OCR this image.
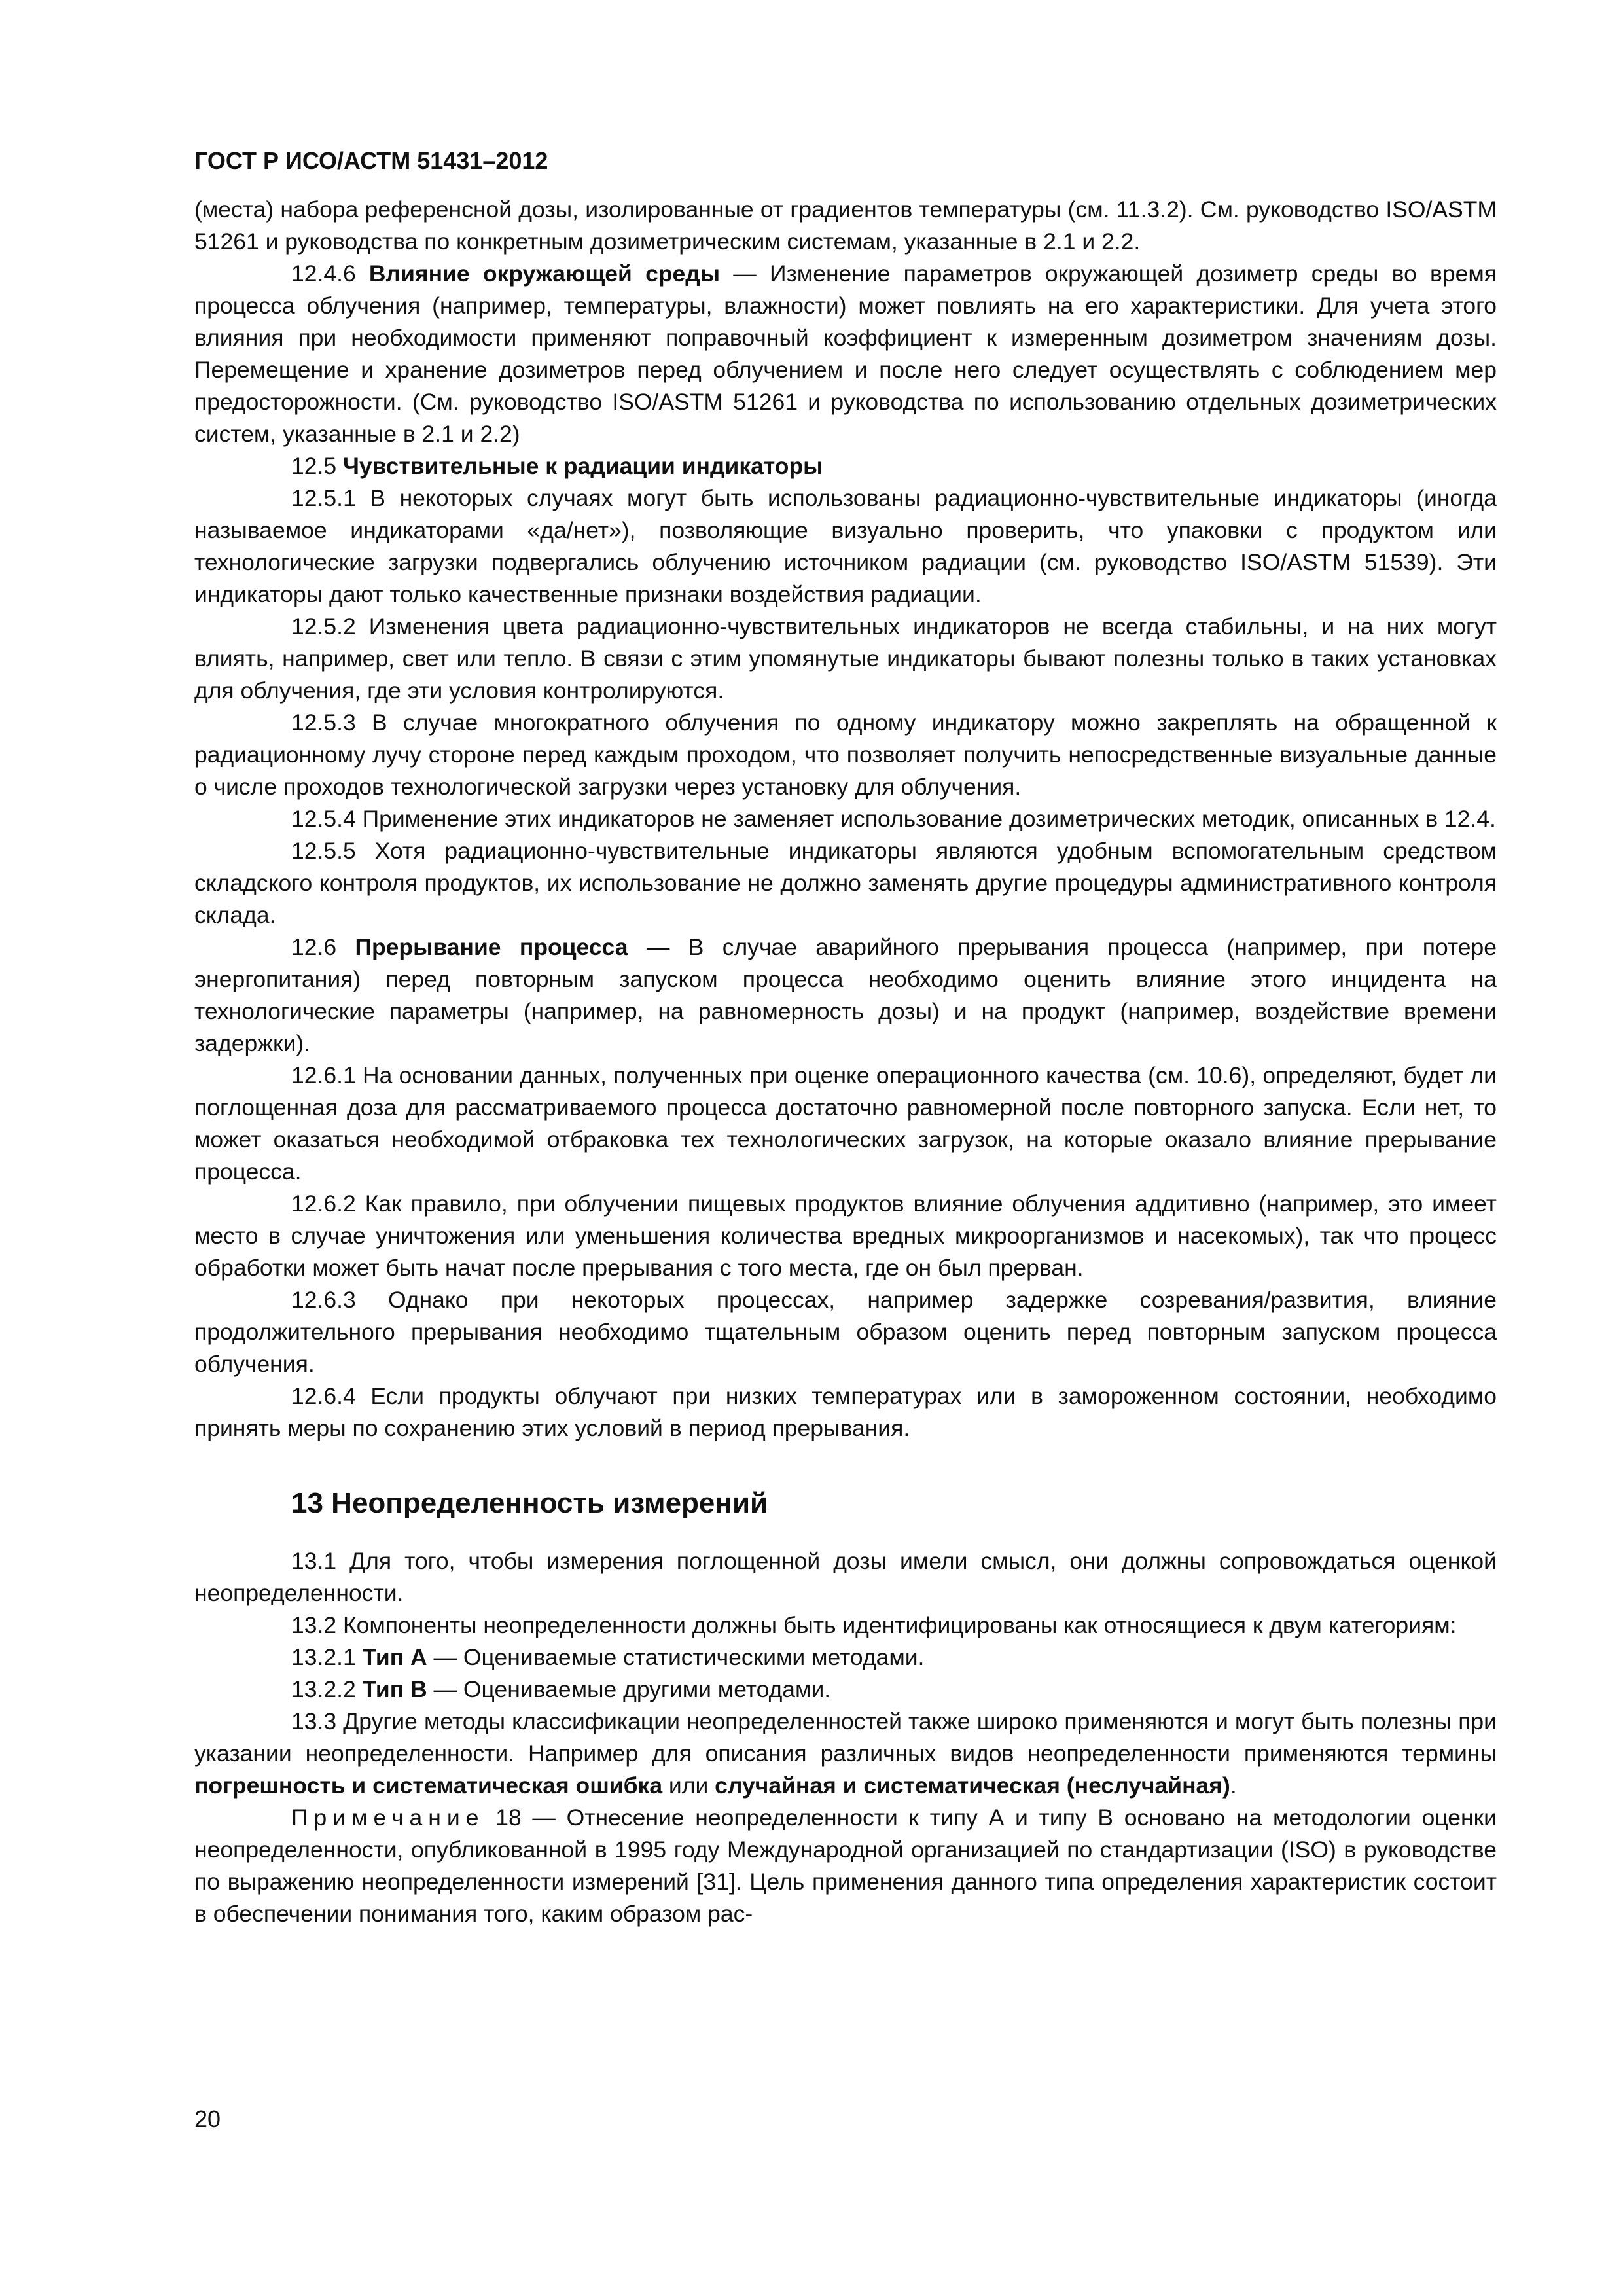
ГОСТ Р ИСО/АСТМ 51431–2012

(места) набора референсной дозы, изолированные от градиентов температуры (см. 11.3.2). См. руководство ISO/ASTM 51261 и руководства по конкретным дозиметрическим системам, указанные в 2.1 и 2.2.

12.4.6 Влияние окружающей среды — Изменение параметров окружающей дозиметр среды во время процесса облучения (например, температуры, влажности) может повлиять на его характеристики. Для учета этого влияния при необходимости применяют поправочный коэффициент к измеренным дозиметром значениям дозы. Перемещение и хранение дозиметров перед облучением и после него следует осуществлять с соблюдением мер предосторожности. (См. руководство ISO/ASTM 51261 и руководства по использованию отдельных дозиметрических систем, указанные в 2.1 и 2.2)

12.5 Чувствительные к радиации индикаторы

12.5.1 В некоторых случаях могут быть использованы радиационно-чувствительные индикаторы (иногда называемое индикаторами «да/нет»), позволяющие визуально проверить, что упаковки с продуктом или технологические загрузки подвергались облучению источником радиации (см. руководство ISO/ASTM 51539). Эти индикаторы дают только качественные признаки воздействия радиации.

12.5.2 Изменения цвета радиационно-чувствительных индикаторов не всегда стабильны, и на них могут влиять, например, свет или тепло. В связи с этим упомянутые индикаторы бывают полезны только в таких установках для облучения, где эти условия контролируются.

12.5.3 В случае многократного облучения по одному индикатору можно закреплять на обращенной к радиационному лучу стороне перед каждым проходом, что позволяет получить непосредственные визуальные данные о числе проходов технологической загрузки через установку для облучения.

12.5.4 Применение этих индикаторов не заменяет использование дозиметрических методик, описанных в 12.4.

12.5.5 Хотя радиационно-чувствительные индикаторы являются удобным вспомогательным средством складского контроля продуктов, их использование не должно заменять другие процедуры административного контроля склада.

12.6 Прерывание процесса — В случае аварийного прерывания процесса (например, при потере энергопитания) перед повторным запуском процесса необходимо оценить влияние этого инцидента на технологические параметры (например, на равномерность дозы) и на продукт (например, воздействие времени задержки).

12.6.1 На основании данных, полученных при оценке операционного качества (см. 10.6), определяют, будет ли поглощенная доза для рассматриваемого процесса достаточно равномерной после повторного запуска. Если нет, то может оказаться необходимой отбраковка тех технологических загрузок, на которые оказало влияние прерывание процесса.

12.6.2 Как правило, при облучении пищевых продуктов влияние облучения аддитивно (например, это имеет место в случае уничтожения или уменьшения количества вредных микроорганизмов и насекомых), так что процесс обработки может быть начат после прерывания с того места, где он был прерван.

12.6.3 Однако при некоторых процессах, например задержке созревания/развития, влияние продолжительного прерывания необходимо тщательным образом оценить перед повторным запуском процесса облучения.

12.6.4 Если продукты облучают при низких температурах или в замороженном состоянии, необходимо принять меры по сохранению этих условий в период прерывания.

13 Неопределенность измерений

13.1 Для того, чтобы измерения поглощенной дозы имели смысл, они должны сопровождаться оценкой неопределенности.

13.2 Компоненты неопределенности должны быть идентифицированы как относящиеся к двум категориям:

13.2.1 Тип А — Оцениваемые статистическими методами.

13.2.2 Тип В — Оцениваемые другими методами.

13.3 Другие методы классификации неопределенностей также широко применяются и могут быть полезны при указании неопределенности. Например для описания различных видов неопределенности применяются термины погрешность и систематическая ошибка или случайная и систематическая (неслучайная).

Примечание 18 — Отнесение неопределенности к типу А и типу В основано на методологии оценки неопределенности, опубликованной в 1995 году Международной организацией по стандартизации (ISO) в руководстве по выражению неопределенности измерений [31]. Цель применения данного типа определения характеристик состоит в обеспечении понимания того, каким образом рас-

20
